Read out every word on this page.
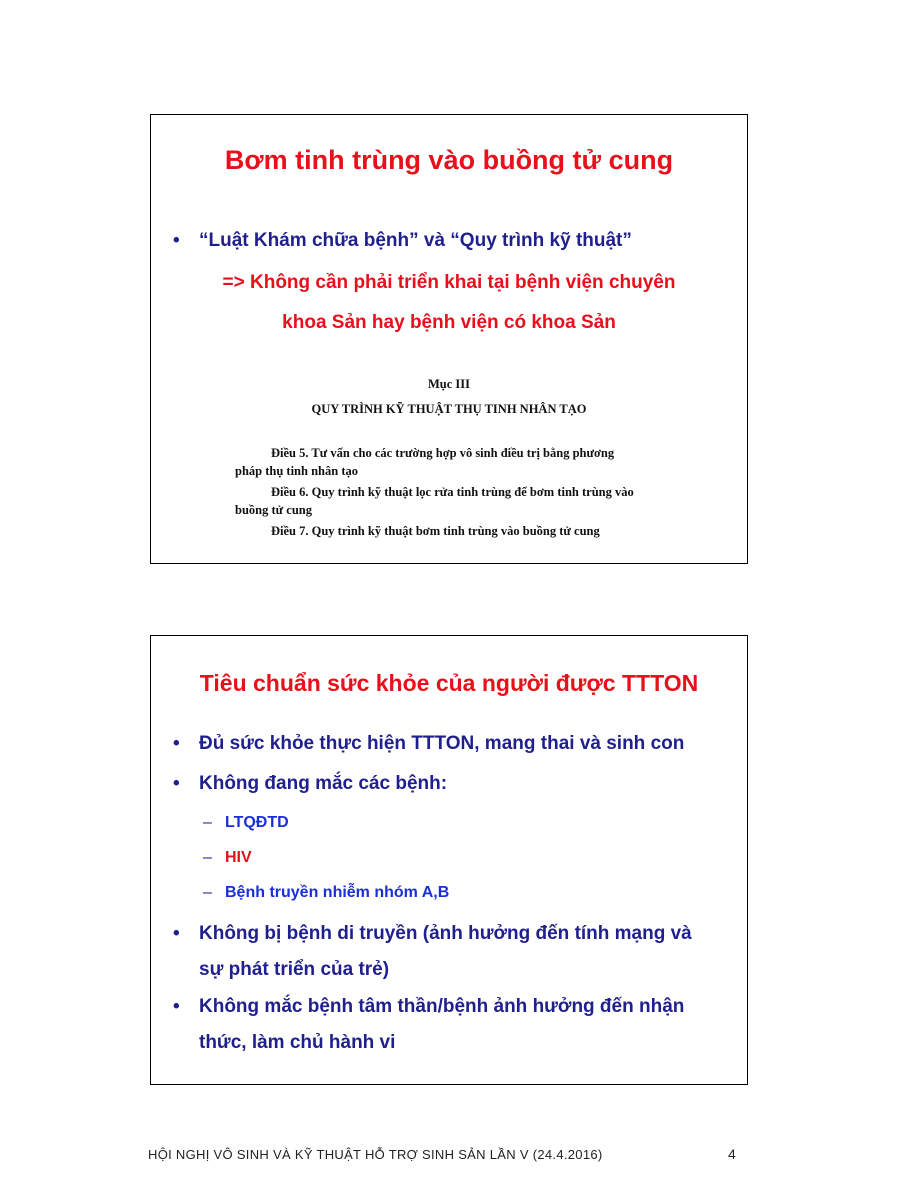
Bơm tinh trùng vào buồng tử cung
• “Luật Khám chữa bệnh” và “Quy trình kỹ thuật”
=> Không cần phải triển khai tại bệnh viện chuyên
khoa Sản hay bệnh viện có khoa Sản
Mục III
QUY TRÌNH KỸ THUẬT THỤ TINH NHÂN TẠO
Điều 5. Tư vấn cho các trường hợp vô sinh điều trị bằng phương
pháp thụ tinh nhân tạo
Điều 6. Quy trình kỹ thuật lọc rửa tinh trùng để bơm tinh trùng vào
buồng tử cung
Điều 7. Quy trình kỹ thuật bơm tinh trùng vào buồng tử cung
Tiêu chuẩn sức khỏe của người được TTTON
• Đủ sức khỏe thực hiện TTTON, mang thai và sinh con
• Không đang mắc các bệnh:
– LTQĐTD
– HIV
– Bệnh truyền nhiễm nhóm A,B
• Không bị bệnh di truyền (ảnh hưởng đến tính mạng và
sự phát triển của trẻ)
• Không mắc bệnh tâm thần/bệnh ảnh hưởng đến nhận
thức, làm chủ hành vi
HỘI NGHỊ VÔ SINH VÀ KỸ THUẬT HỖ TRỢ SINH SẢN LẦN V (24.4.2016)	4
